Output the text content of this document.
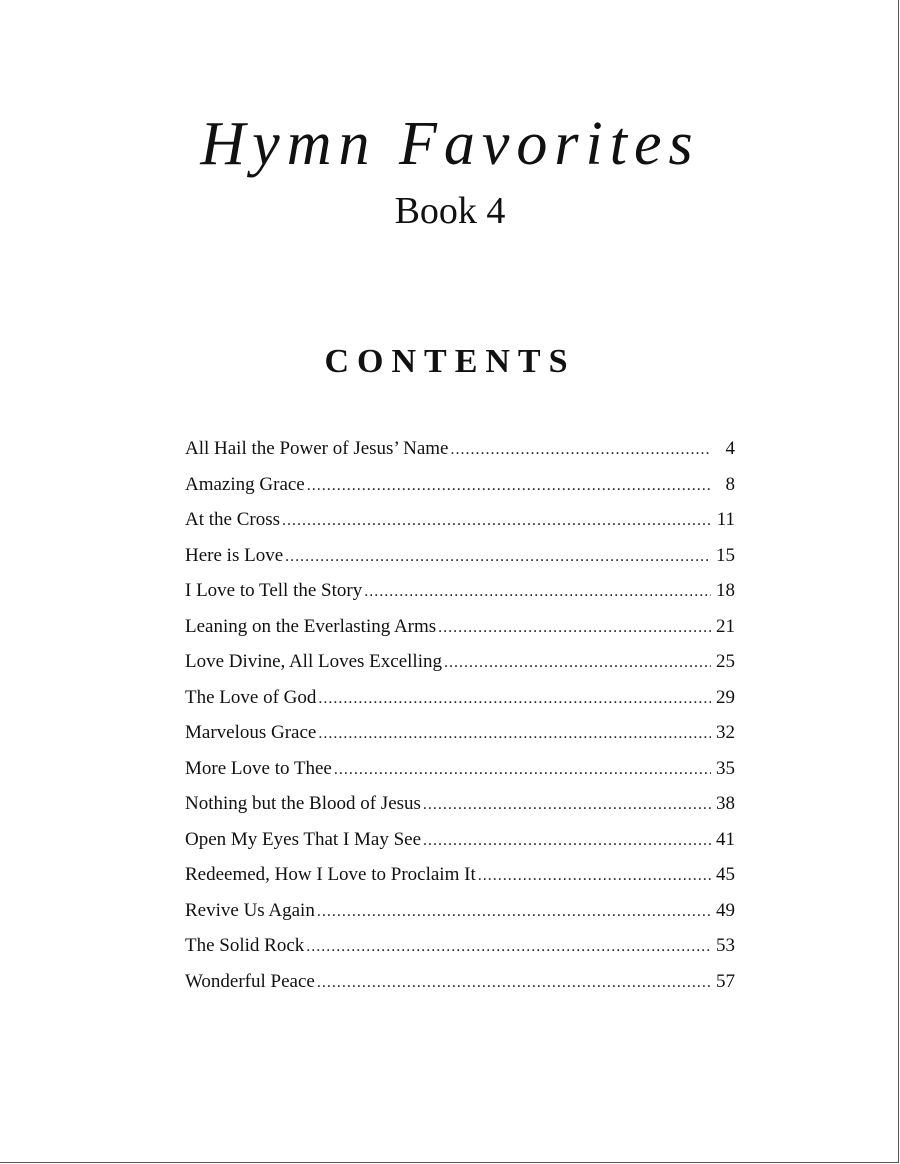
Hymn Favorites
Book 4
CONTENTS
All Hail the Power of Jesus’ Name .....	4
Amazing Grace .....	8
At the Cross .....	11
Here is Love .....	15
I Love to Tell the Story .....	18
Leaning on the Everlasting Arms .....	21
Love Divine, All Loves Excelling .....	25
The Love of God .....	29
Marvelous Grace .....	32
More Love to Thee .....	35
Nothing but the Blood of Jesus .....	38
Open My Eyes That I May See .....	41
Redeemed, How I Love to Proclaim It .....	45
Revive Us Again .....	49
The Solid Rock .....	53
Wonderful Peace .....	57
